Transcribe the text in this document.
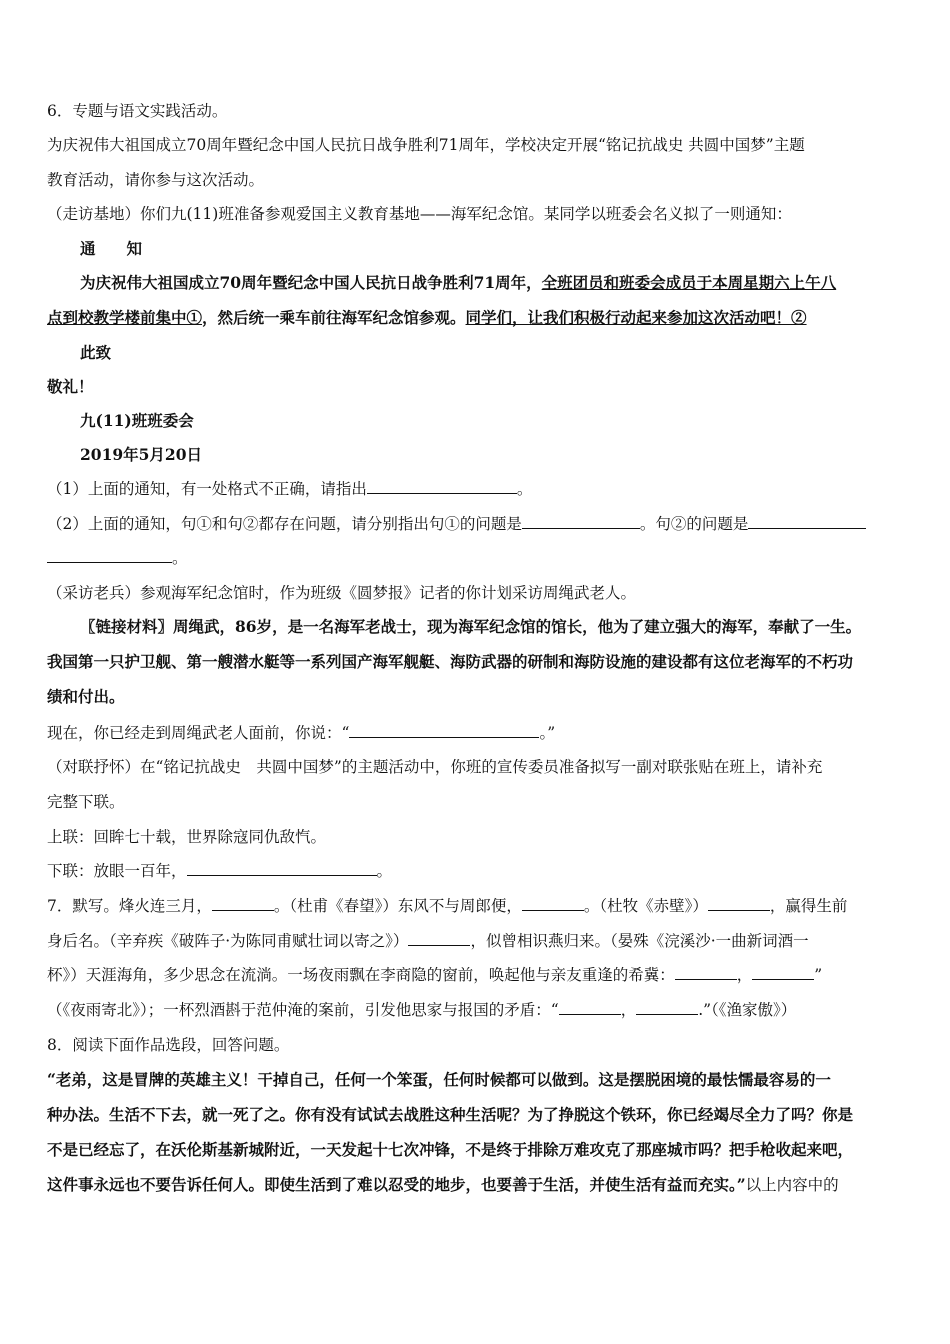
6．专题与语文实践活动。
为庆祝伟大祖国成立70周年暨纪念中国人民抗日战争胜利71周年，学校决定开展“铭记抗战史 共圆中国梦”主题
教育活动，请你参与这次活动。
（走访基地）你们九(11)班准备参观爱国主义教育基地——海军纪念馆。某同学以班委会名义拟了一则通知：
通　　知
为庆祝伟大祖国成立70周年暨纪念中国人民抗日战争胜利71周年，全班团员和班委会成员于本周星期六上午八
点到校教学楼前集中①，然后统一乘车前往海军纪念馆参观。同学们，让我们积极行动起来参加这次活动吧！②
此致
敬礼！
九(11)班班委会
2019年5月20日
（1）上面的通知，有一处格式不正确，请指出	。
（2）上面的通知，句①和句②都存在问题，请分别指出句①的问题是	。句②的问题是
。
（采访老兵）参观海军纪念馆时，作为班级《圆梦报》记者的你计划采访周绳武老人。
〖链接材料〗周绳武，86岁，是一名海军老战士，现为海军纪念馆的馆长，他为了建立强大的海军，奉献了一生。
我国第一只护卫舰、第一艘潜水艇等一系列国产海军舰艇、海防武器的研制和海防设施的建设都有这位老海军的不朽功
绩和付出。
现在，你已经走到周绳武老人面前，你说：“	。”
（对联抒怀）在“铭记抗战史　共圆中国梦”的主题活动中，你班的宣传委员准备拟写一副对联张贴在班上，请补充
完整下联。
上联：回眸七十载，世界除寇同仇敌忾。
下联：放眼一百年，	。
7．默写。烽火连三月，	。（杜甫《春望》）东风不与周郎便，	。（杜牧《赤壁》）	，赢得生前
身后名。（辛弃疾《破阵子·为陈同甫赋壮词以寄之》）	，似曾相识燕归来。（晏殊《浣溪沙·一曲新词酒一
杯》）天涯海角，多少思念在流淌。一场夜雨飘在李商隐的窗前，唤起他与亲友重逢的希冀：	，	”
（《夜雨寄北》）；一杯烈酒斟于范仲淹的案前，引发他思家与报国的矛盾：“	，	.”（《渔家傲》）
8．阅读下面作品选段，回答问题。
“老弟，这是冒牌的英雄主义！干掉自己，任何一个笨蛋，任何时候都可以做到。这是摆脱困境的最怯懦最容易的一
种办法。生活不下去，就一死了之。你有没有试试去战胜这种生活呢？为了挣脱这个铁环，你已经竭尽全力了吗？你是
不是已经忘了，在沃伦斯基新城附近，一天发起十七次冲锋，不是终于排除万难攻克了那座城市吗？把手枪收起来吧，
这件事永远也不要告诉任何人。即使生活到了难以忍受的地步，也要善于生活，并使生活有益而充实。”以上内容中的
